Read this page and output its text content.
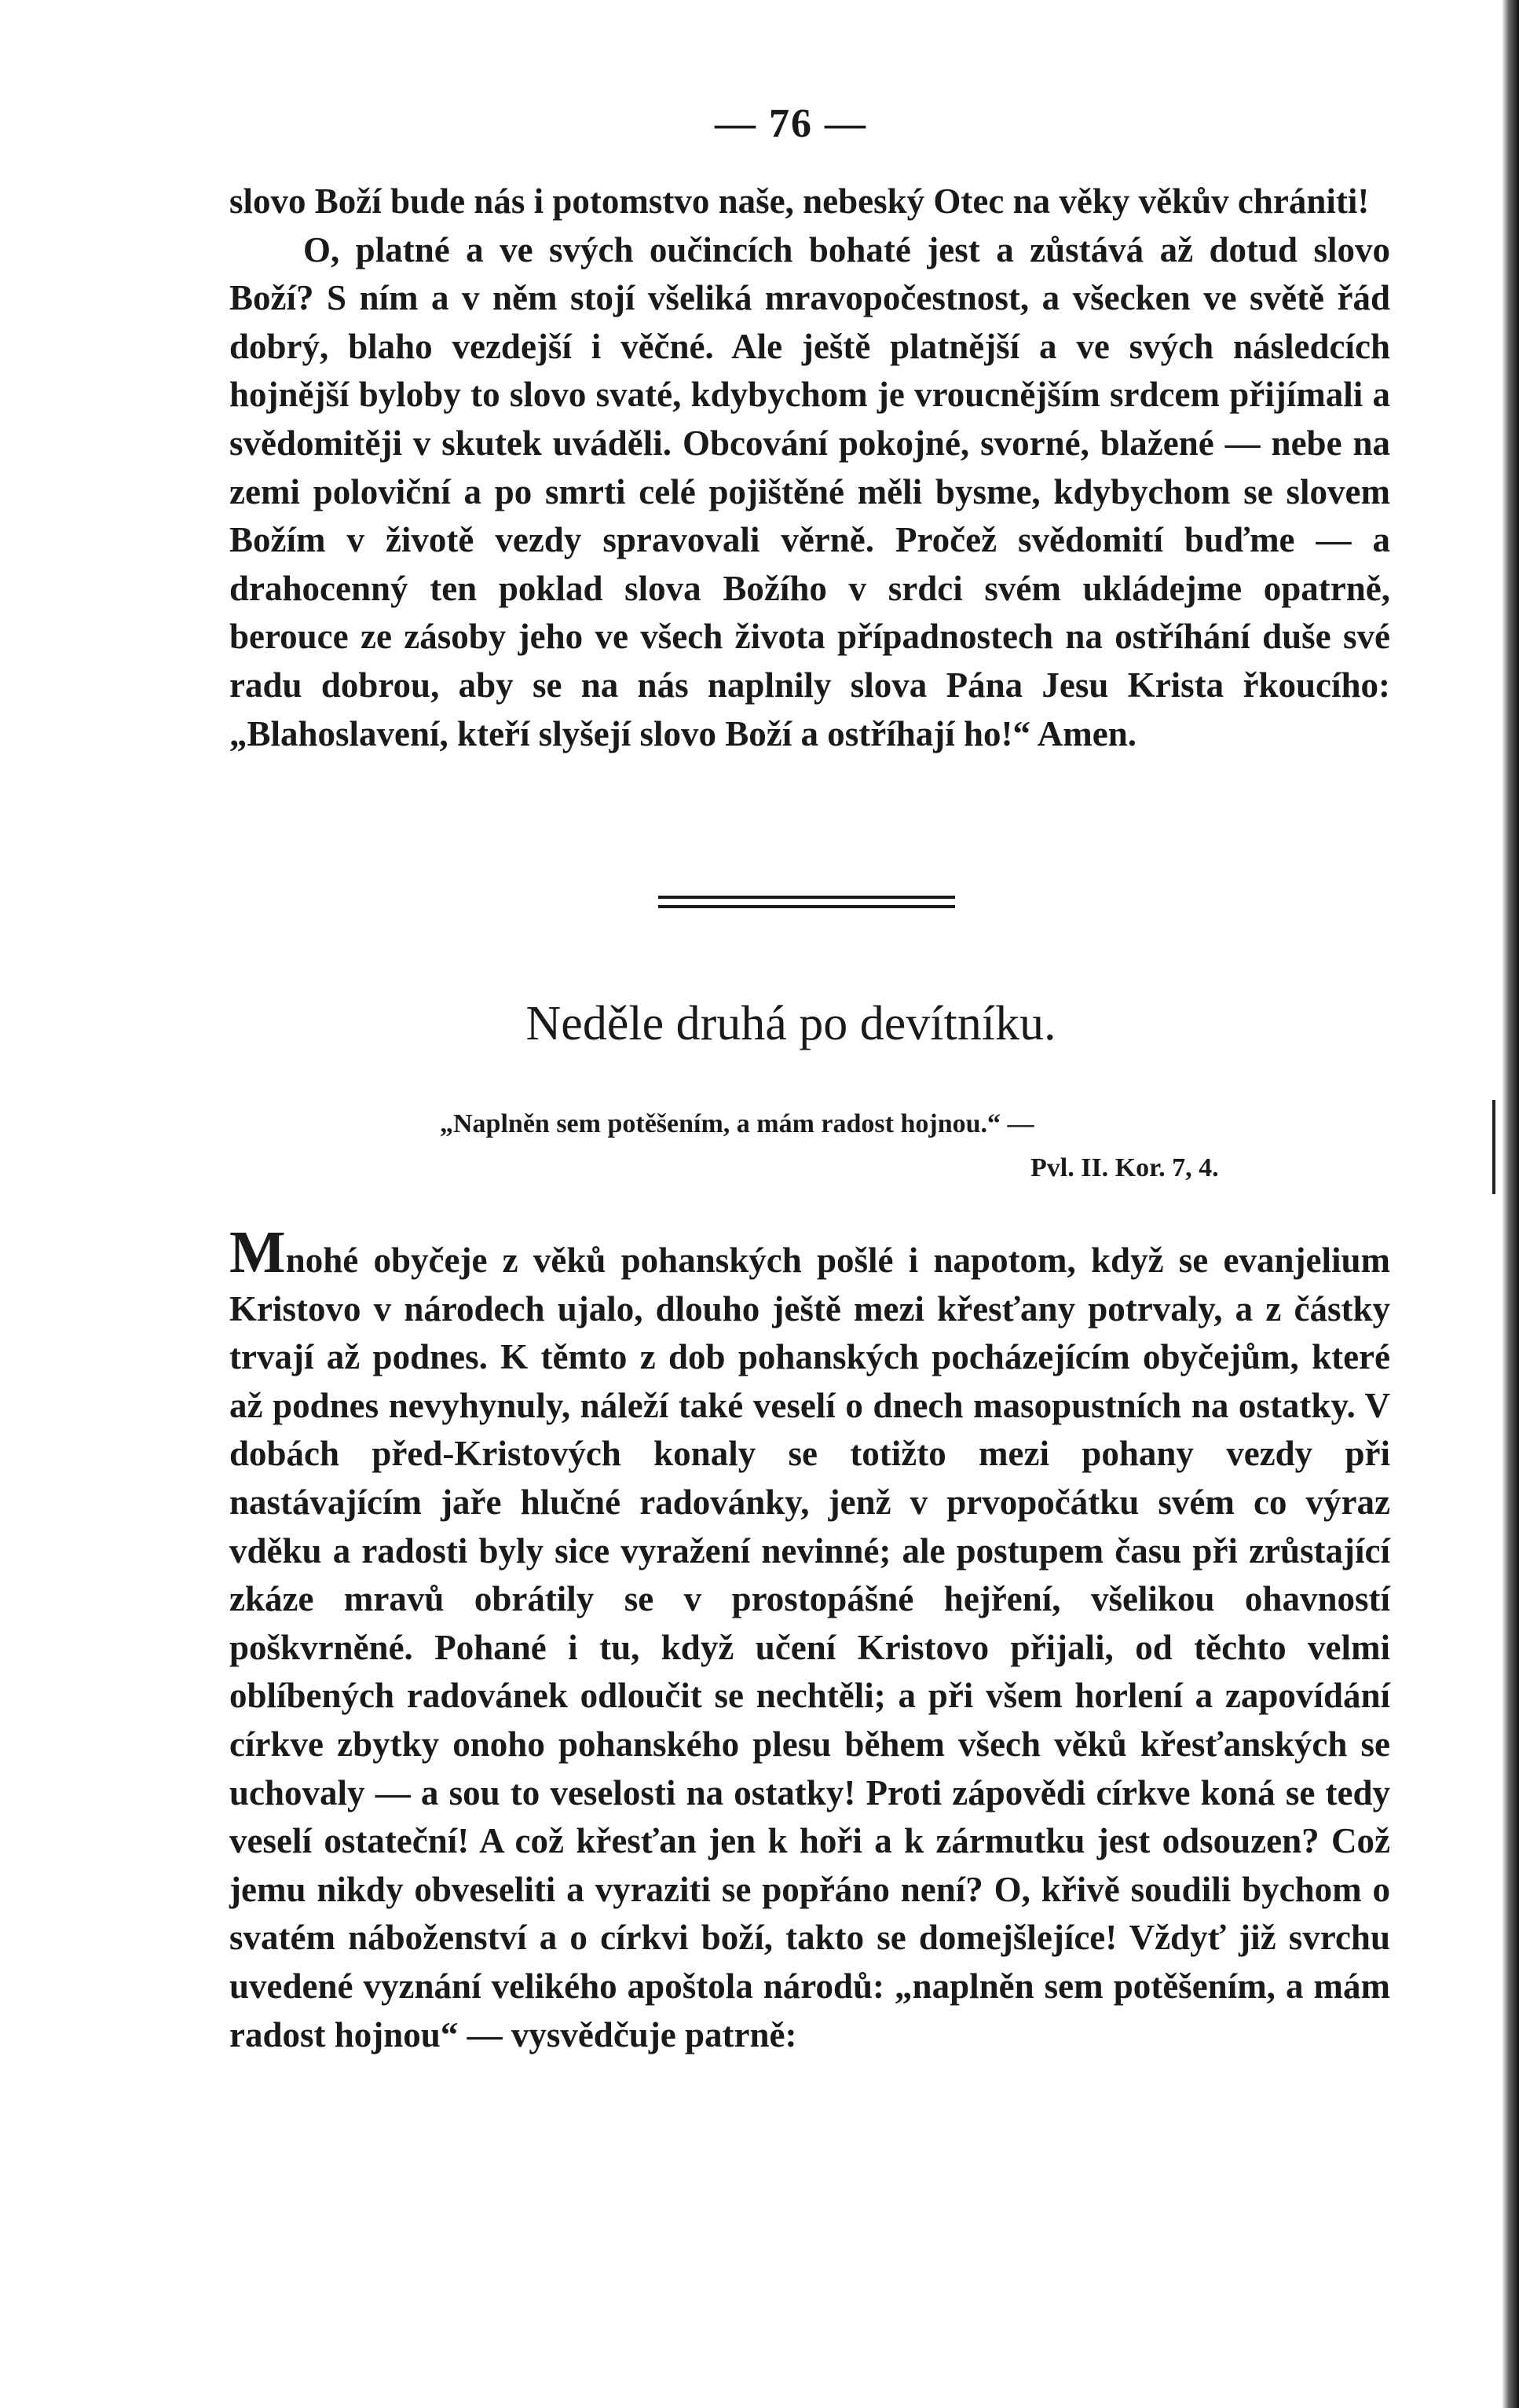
— 76 —

slovo Boží bude nás i potomstvo naše, nebeský Otec na věky věkův chrániti!

O, platné a ve svých oučincích bohaté jest a zůstává až dotud slovo Boží? S ním a v něm stojí všeliká mravopočestnost, a všecken ve světě řád dobrý, blaho vezdejší i věčné. Ale ještě platnější a ve svých následcích hojnější byloby to slovo svaté, kdybychom je vroucnějším srdcem přijímali a svědomitěji v skutek uváděli. Obcování pokojné, svorné, blažené — nebe na zemi poloviční a po smrti celé pojištěné měli bysme, kdybychom se slovem Božím v životě vezdy spravovali věrně. Pročež svědomití buďme — a drahocenný ten poklad slova Božího v srdci svém ukládejme opatrně, berouce ze zásoby jeho ve všech života případnostech na ostříhání duše své radu dobrou, aby se na nás naplnily slova Pána Jesu Krista řkoucího: „Blahoslavení, kteří slyšejí slovo Boží a ostříhají ho!“ Amen.

Neděle druhá po devítníku.
„Naplněn sem potěšením, a mám radost hojnou.“ —
Pvl. II. Kor. 7, 4.

Mnohé obyčeje z věků pohanských pošlé i napotom, když se evanjelium Kristovo v národech ujalo, dlouho ještě mezi křesťany potrvaly, a z částky trvají až podnes. K těmto z dob pohanských pocházejícím obyčejům, které až podnes nevyhynuly, náleží také veselí o dnech masopustních na ostatky. V dobách před-Kristových konaly se totižto mezi pohany vezdy při nastávajícím jaře hlučné radovánky, jenž v prvopočátku svém co výraz vděku a radosti byly sice vyražení nevinné; ale postupem času při zrůstající zkáze mravů obrátily se v prostopášné hejření, všelikou ohavností poškvrněné. Pohané i tu, když učení Kristovo přijali, od těchto velmi oblíbených radovánek odloučit se nechtěli; a při všem horlení a zapovídání církve zbytky onoho pohanského plesu během všech věků křesťanských se uchovaly — a sou to veselosti na ostatky! Proti zápovědi církve koná se tedy veselí ostateční! A což křesťan jen k hoři a k zármutku jest odsouzen? Což jemu nikdy obveseliti a vyraziti se popřáno není? O, křivě soudili bychom o svatém náboženství a o církvi boží, takto se domejšlejíce! Vždyť již svrchu uvedené vyznání velikého apoštola národů: „naplněn sem potěšením, a mám radost hojnou“ — vysvědčuje patrně:
